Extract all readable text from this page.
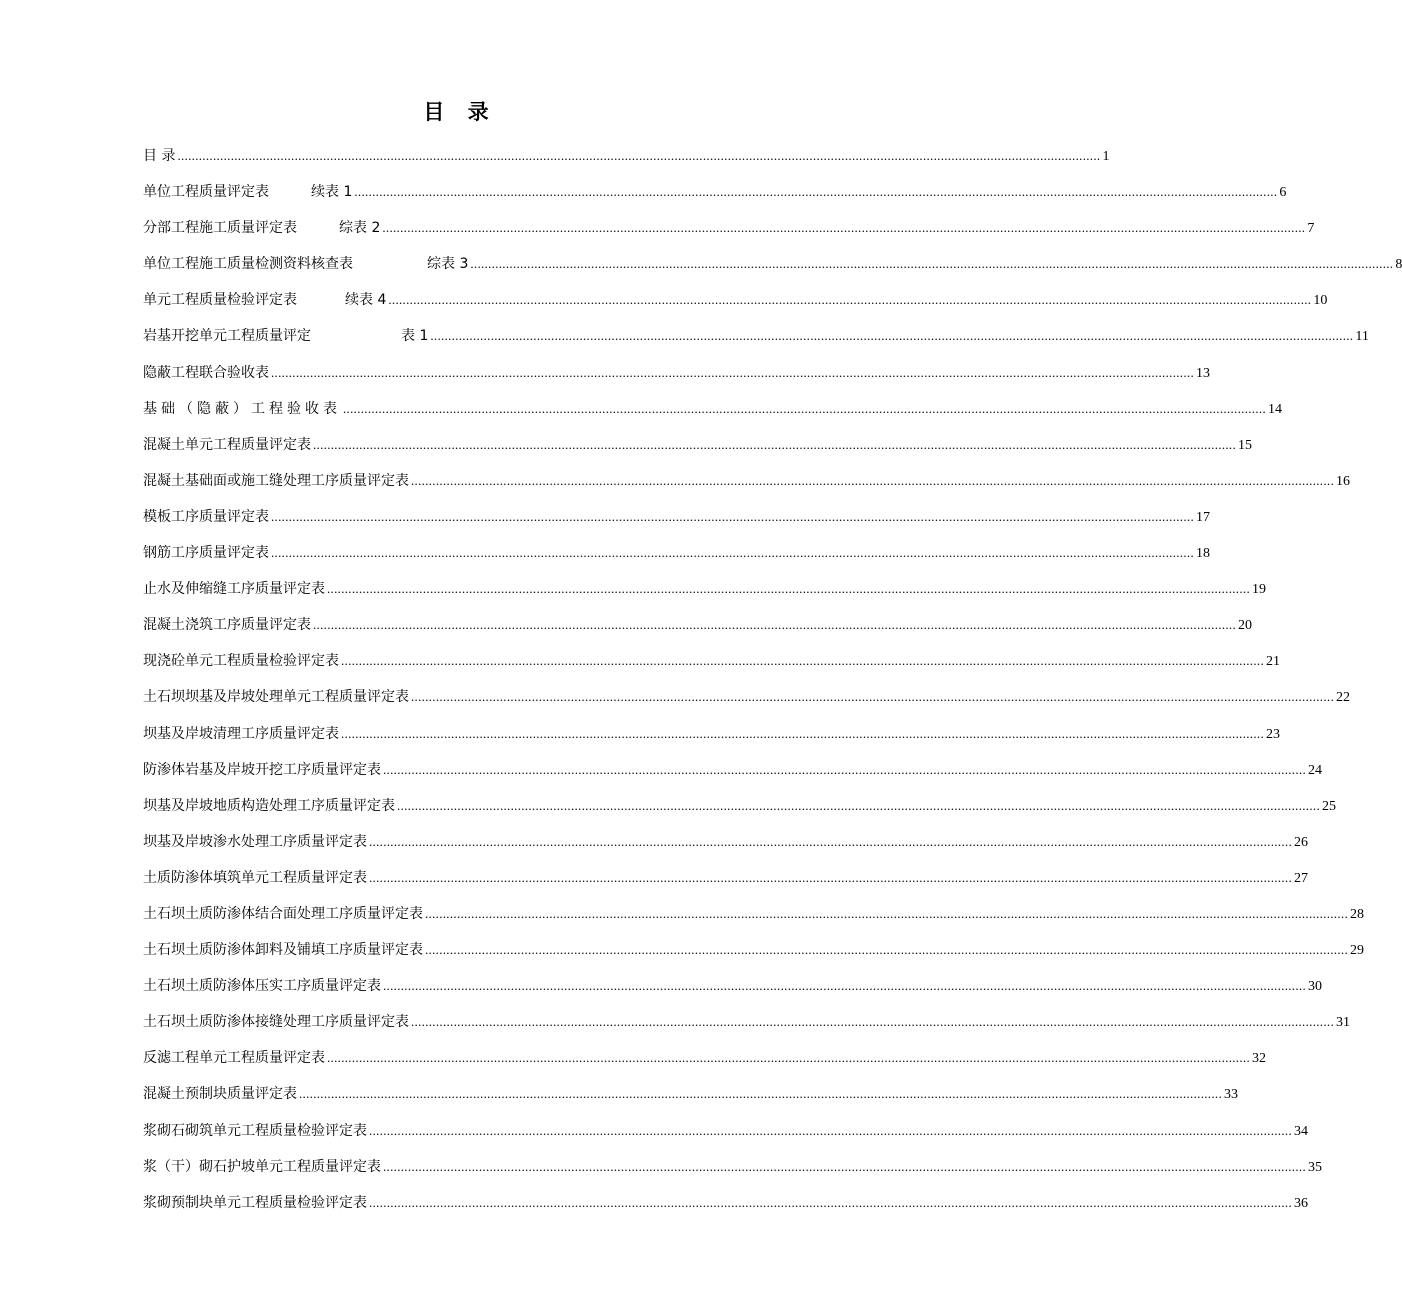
目 录
目 录 .................................................................................................................................................................................................................................................................... 1
单位工程质量评定表	续表 1 .................................................................................................................................................................................................................................................................... 6
分部工程施工质量评定表	综表 2 .................................................................................................................................................................................................................................................................... 7
单位工程施工质量检测资料核查表	综表 3 .................................................................................................................................................................................................................................................................... 8
单元工程质量检验评定表	续表 4 .................................................................................................................................................................................................................................................................... 10
岩基开挖单元工程质量评定	表 1 .................................................................................................................................................................................................................................................................... 11
隐蔽工程联合验收表 .................................................................................................................................................................................................................................................................... 13
基础（隐蔽）工程验收表 .................................................................................................................................................................................................................................................................... 14
混凝土单元工程质量评定表 .................................................................................................................................................................................................................................................................... 15
混凝土基础面或施工缝处理工序质量评定表 .................................................................................................................................................................................................................................................................... 16
模板工序质量评定表 .................................................................................................................................................................................................................................................................... 17
钢筋工序质量评定表 .................................................................................................................................................................................................................................................................... 18
止水及伸缩缝工序质量评定表 .................................................................................................................................................................................................................................................................... 19
混凝土浇筑工序质量评定表 .................................................................................................................................................................................................................................................................... 20
现浇砼单元工程质量检验评定表 .................................................................................................................................................................................................................................................................... 21
土石坝坝基及岸坡处理单元工程质量评定表 .................................................................................................................................................................................................................................................................... 22
坝基及岸坡清理工序质量评定表 .................................................................................................................................................................................................................................................................... 23
防渗体岩基及岸坡开挖工序质量评定表 .................................................................................................................................................................................................................................................................... 24
坝基及岸坡地质构造处理工序质量评定表 .................................................................................................................................................................................................................................................................... 25
坝基及岸坡渗水处理工序质量评定表 .................................................................................................................................................................................................................................................................... 26
土质防渗体填筑单元工程质量评定表 .................................................................................................................................................................................................................................................................... 27
土石坝土质防渗体结合面处理工序质量评定表 .................................................................................................................................................................................................................................................................... 28
土石坝土质防渗体卸料及铺填工序质量评定表 .................................................................................................................................................................................................................................................................... 29
土石坝土质防渗体压实工序质量评定表 .................................................................................................................................................................................................................................................................... 30
土石坝土质防渗体接缝处理工序质量评定表 .................................................................................................................................................................................................................................................................... 31
反滤工程单元工程质量评定表 .................................................................................................................................................................................................................................................................... 32
混凝土预制块质量评定表 .................................................................................................................................................................................................................................................................... 33
浆砌石砌筑单元工程质量检验评定表 .................................................................................................................................................................................................................................................................... 34
浆（干）砌石护坡单元工程质量评定表 .................................................................................................................................................................................................................................................................... 35
浆砌预制块单元工程质量检验评定表 .................................................................................................................................................................................................................................................................... 36
